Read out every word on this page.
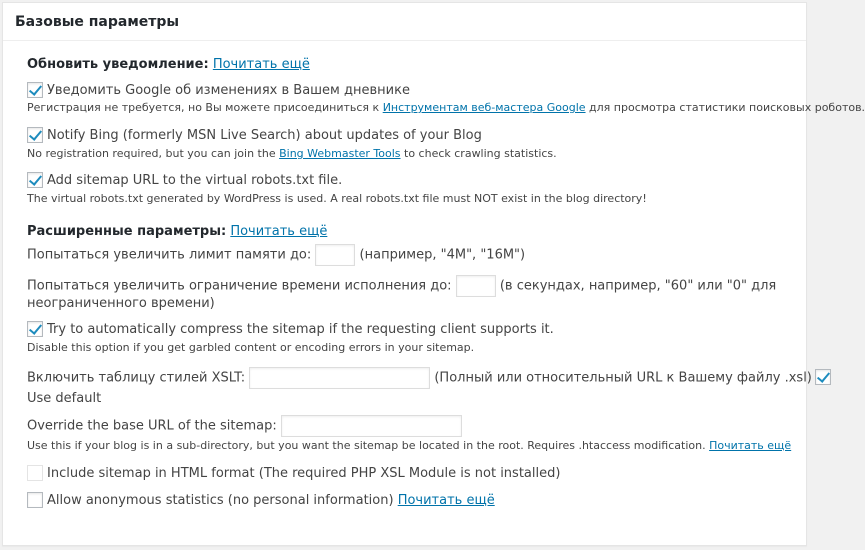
Базовые параметры
Обновить уведомление: Почитать ещё
Уведомить Google об изменениях в Вашем дневнике
Регистрация не требуется, но Вы можете присоединиться к Инструментам веб-мастера Google для просмотра статистики поисковых роботов.
Notify Bing (formerly MSN Live Search) about updates of your Blog
No registration required, but you can join the Bing Webmaster Tools to check crawling statistics.
Add sitemap URL to the virtual robots.txt file.
The virtual robots.txt generated by WordPress is used. A real robots.txt file must NOT exist in the blog directory!
Расширенные параметры: Почитать ещё
Попытаться увеличить лимит памяти до:	(например, "4M", "16M")
Попытаться увеличить ограничение времени исполнения до:	(в секундах, например, "60" или "0" для
неограниченного времени)
Try to automatically compress the sitemap if the requesting client supports it.
Disable this option if you get garbled content or encoding errors in your sitemap.
Включить таблицу стилей XSLT:	(Полный или относительный URL к Вашему файлу .xsl)
Use default
Override the base URL of the sitemap:
Use this if your blog is in a sub-directory, but you want the sitemap be located in the root. Requires .htaccess modification. Почитать ещё
Include sitemap in HTML format (The required PHP XSL Module is not installed)
Allow anonymous statistics (no personal information) Почитать ещё
